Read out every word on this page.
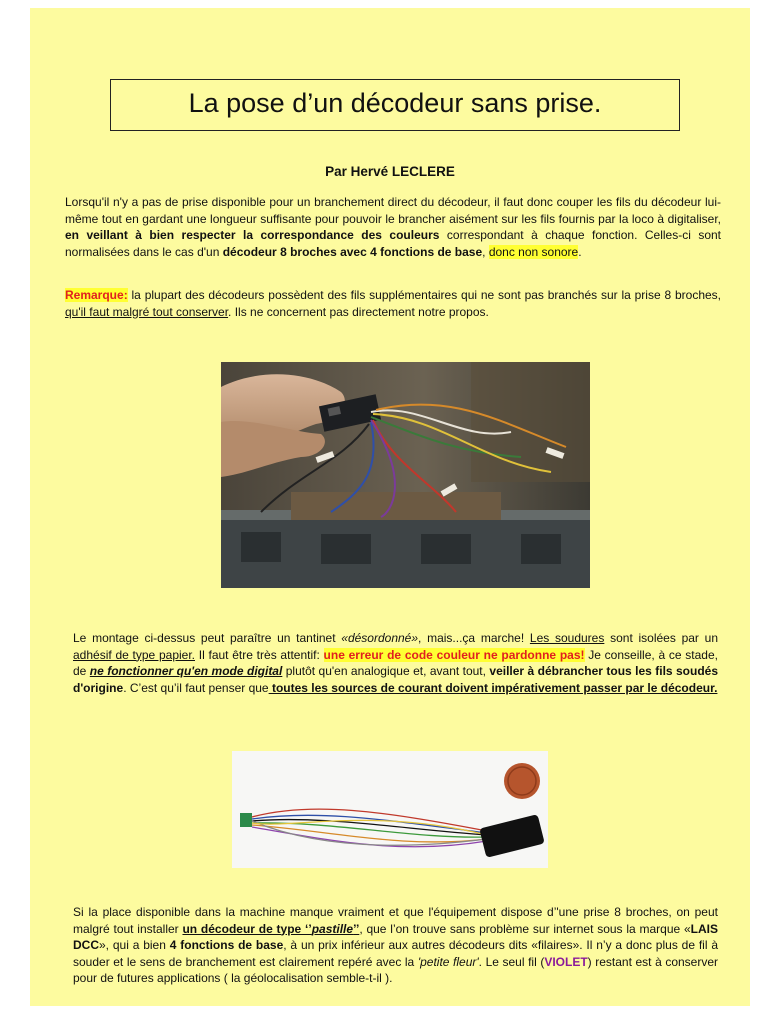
La pose d’un décodeur sans prise.
Par Hervé LECLERE

Lorsqu'il n'y a pas de prise disponible pour un branchement direct du décodeur, il faut donc couper les fils du décodeur lui-même tout en gardant une longueur suffisante pour pouvoir le brancher aisément sur les fils fournis par la loco à digitaliser, en veillant à bien respecter la correspondance des couleurs correspondant à chaque fonction. Celles-ci sont normalisées dans le cas d'un décodeur 8 broches avec 4 fonctions de base, donc non sonore.

Remarque: la plupart des décodeurs possèdent des fils supplémentaires qui ne sont pas branchés sur la prise 8 broches, qu'il faut malgré tout conserver. Ils ne concernent pas directement notre propos.

Le montage ci-dessus peut paraître un tantinet «désordonné», mais...ça marche! Les soudures sont isolées par un adhésif de type papier. Il faut être très attentif: une erreur de code couleur ne pardonne pas! Je conseille, à ce stade, de ne fonctionner qu'en mode digital plutôt qu'en analogique et, avant tout, veiller à débrancher tous les fils soudés d'origine. C’est qu’il faut penser que toutes les sources de courant doivent impérativement passer par le décodeur.

Si la place disponible dans la machine manque vraiment et que l'équipement dispose d’'une prise 8 broches, on peut malgré tout installer un décodeur de type ‘’pastille’’, que l’on trouve sans problème sur internet sous la marque «LAIS DCC», qui a bien 4 fonctions de base, à un prix inférieur aux autres décodeurs dits «filaires». Il n’y a donc plus de fil à souder et le sens de branchement est clairement repéré avec la 'petite fleur'. Le seul fil (VIOLET) restant est à conserver pour de futures applications ( la géolocalisation semble-t-il ).
